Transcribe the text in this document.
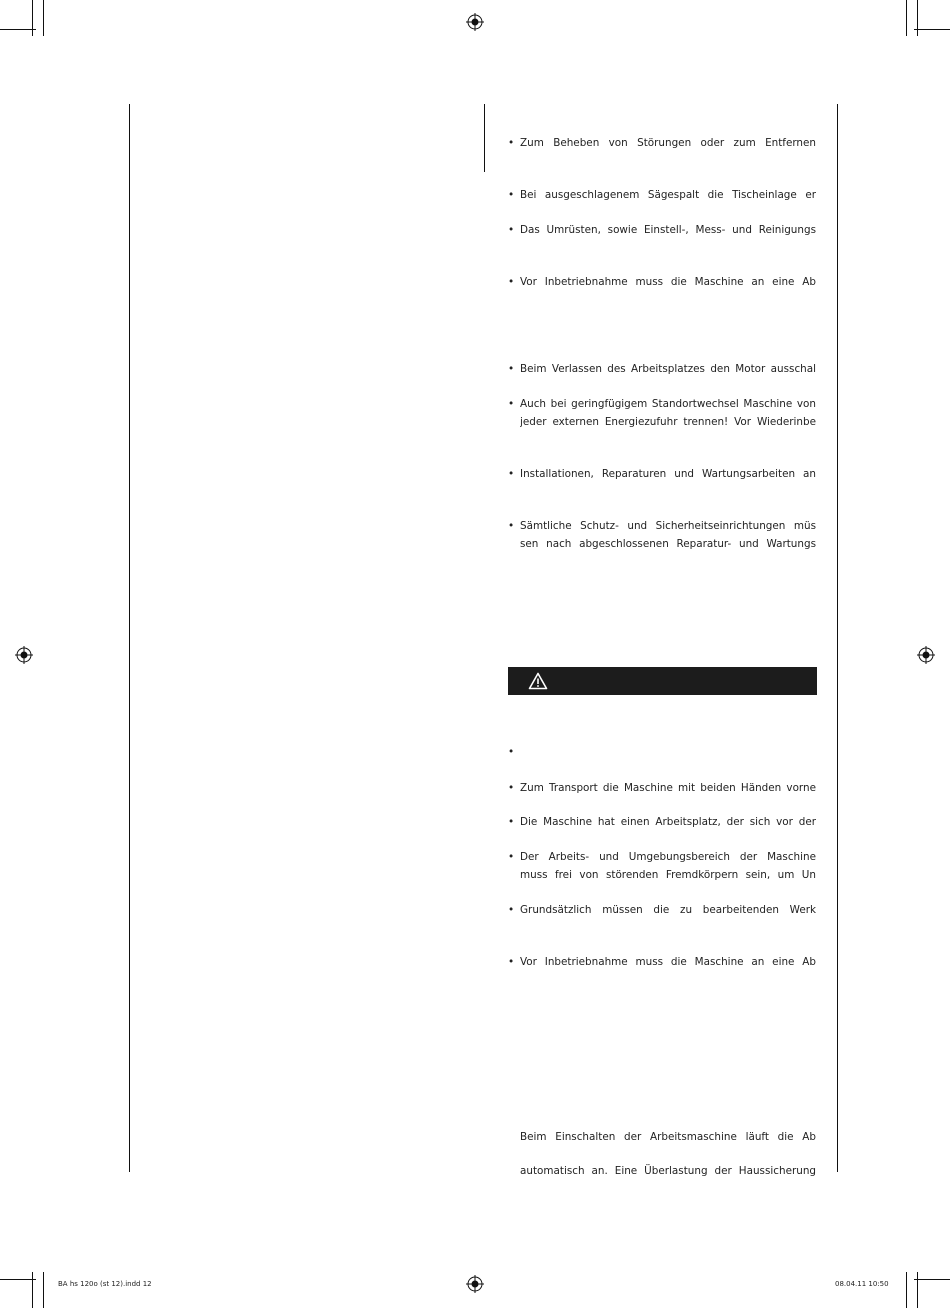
• Zum Beheben von Störungen oder zum Entfernen
• Bei ausgeschlagenem Sägespalt die Tischeinlage er
• Das Umrüsten, sowie Einstell-, Mess- und Reinigungs
• Vor Inbetriebnahme muss die Maschine an eine Ab
• Beim Verlassen des Arbeitsplatzes den Motor ausschal
• Auch bei geringfügigem Standortwechsel Maschine von
jeder externen Energiezufuhr trennen! Vor Wiederinbe
• Installationen, Reparaturen und Wartungsarbeiten an
• Sämtliche Schutz- und Sicherheitseinrichtungen müs
sen nach abgeschlossenen Reparatur- und Wartungs
•
• Zum Transport die Maschine mit beiden Händen vorne
• Die Maschine hat einen Arbeitsplatz, der sich vor der
• Der Arbeits- und Umgebungsbereich der Maschine
muss frei von störenden Fremdkörpern sein, um Un
• Grundsätzlich müssen die zu bearbeitenden Werk
• Vor Inbetriebnahme muss die Maschine an eine Ab
Beim Einschalten der Arbeitsmaschine läuft die Ab
automatisch an. Eine Überlastung der Haussicherung
BA hs 120o (st 12).indd 12	08.04.11 10:50
